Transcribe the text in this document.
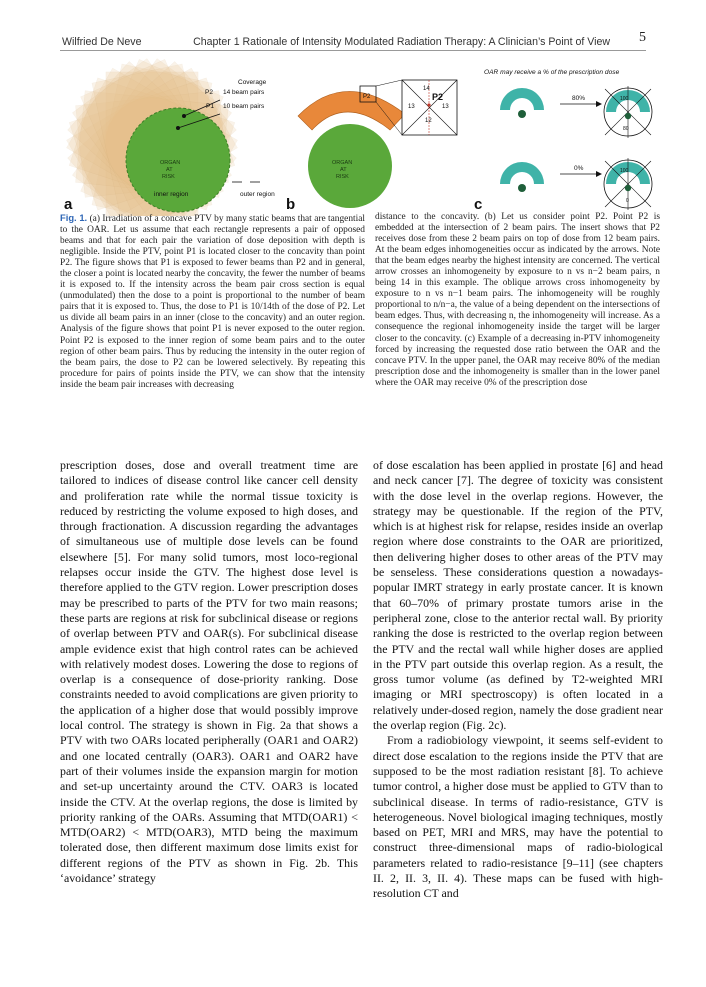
Wilfried De Neve	Chapter 1 Rationale of Intensity Modulated Radiation Therapy: A Clinician’s Point of View 5
P2
P1
Coverage
14 beam pairs
10 beam pairs
ORGAN
AT
RISK
inner region	outer region
P2
ORGAN
AT
RISK
P2
14
13	13
12
OAR may receive a % of the prescription dose
80%
0%
100
80
100
0
a	b	c
Fig. 1. (a) Irradiation of a concave PTV by many static beams that are tangential to the OAR. Let us assume that each rectangle represents a pair of opposed beams and that for each pair the variation of dose deposition with depth is negligible. Inside the PTV, point P1 is located closer to the concavity than point P2. The figure shows that P1 is exposed to fewer beams than P2 and in general, the closer a point is located nearby the concavity, the fewer the number of beams it is exposed to. If the intensity across the beam pair cross section is equal (unmodulated) then the dose to a point is proportional to the number of beam pairs that it is exposed to. Thus, the dose to P1 is 10/14th of the dose of P2. Let us divide all beam pairs in an inner (close to the concavity) and an outer region. Analysis of the figure shows that point P1 is never exposed to the outer region. Point P2 is exposed to the inner region of some beam pairs and to the outer region of other beam pairs. Thus by reducing the intensity in the outer region of the beam pairs, the dose to P2 can be lowered selectively. By repeating this procedure for pairs of points inside the PTV, we can show that the intensity inside the beam pair increases with decreasing
distance to the concavity. (b) Let us consider point P2. Point P2 is embedded at the intersection of 2 beam pairs. The insert shows that P2 receives dose from these 2 beam pairs on top of dose from 12 beam pairs. At the beam edges inhomogeneities occur as indicated by the arrows. Note that the beam edges nearby the highest intensity are concerned. The vertical arrow crosses an inhomogeneity by exposure to n vs n−2 beam pairs, n being 14 in this example. The oblique arrows cross inhomogeneity by exposure to n vs n−1 beam pairs. The inhomogeneity will be roughly proportional to n/n−a, the value of a being dependent on the intersections of beam edges. Thus, with decreasing n, the inhomogeneity will increase. As a consequence the regional inhomogeneity inside the target will be larger closer to the concavity. (c) Example of a decreasing in-PTV inhomogeneity forced by increasing the requested dose ratio between the OAR and the concave PTV. In the upper panel, the OAR may receive 80% of the median prescription dose and the inhomogeneity is smaller than in the lower panel where the OAR may receive 0% of the prescription dose

prescription doses, dose and overall treatment time are tailored to indices of disease control like cancer cell density and proliferation rate while the normal tissue toxicity is reduced by restricting the volume exposed to high doses, and through fractionation. A discussion regarding the advantages of simultaneous use of multiple dose levels can be found elsewhere [5]. For many solid tumors, most loco-regional relapses occur inside the GTV. The highest dose level is therefore applied to the GTV region. Lower prescription doses may be prescribed to parts of the PTV for two main reasons; these parts are regions at risk for subclinical disease or regions of overlap between PTV and OAR(s). For subclinical disease ample evidence exist that high control rates can be achieved with relatively modest doses. Lowering the dose to regions of overlap is a consequence of dose-priority ranking. Dose constraints needed to avoid complications are given priority to the application of a higher dose that would possibly improve local control. The strategy is shown in Fig. 2a that shows a PTV with two OARs located peripherally (OAR1 and OAR2) and one located centrally (OAR3). OAR1 and OAR2 have part of their volumes inside the expansion margin for motion and set-up uncertainty around the CTV. OAR3 is located inside the CTV. At the overlap regions, the dose is limited by priority ranking of the OARs. Assuming that MTD(OAR1) < MTD(OAR2) < MTD(OAR3), MTD being the maximum tolerated dose, then different maximum dose limits exist for different regions of the PTV as shown in Fig. 2b. This ‘avoidance’ strategy

of dose escalation has been applied in prostate [6] and head and neck cancer [7]. The degree of toxicity was consistent with the dose level in the overlap regions. However, the strategy may be questionable. If the region of the PTV, which is at highest risk for relapse, resides inside an overlap region where dose constraints to the OAR are prioritized, then delivering higher doses to other areas of the PTV may be senseless. These considerations question a nowadays-popular IMRT strategy in early prostate cancer. It is known that 60–70% of primary prostate tumors arise in the peripheral zone, close to the anterior rectal wall. By priority ranking the dose is restricted to the overlap region between the PTV and the rectal wall while higher doses are applied in the PTV part outside this overlap region. As a result, the gross tumor volume (as defined by T2-weighted MRI imaging or MRI spectroscopy) is often located in a relatively under-dosed region, namely the dose gradient near the overlap region (Fig. 2c).

From a radiobiology viewpoint, it seems self-evident to direct dose escalation to the regions inside the PTV that are supposed to be the most radiation resistant [8]. To achieve tumor control, a higher dose must be applied to GTV than to subclinical disease. In terms of radio-resistance, GTV is heterogeneous. Novel biological imaging techniques, mostly based on PET, MRI and MRS, may have the potential to construct three-dimensional maps of radio-biological parameters related to radio-resistance [9–11] (see chapters II. 2, II. 3, II. 4). These maps can be fused with high-resolution CT and
